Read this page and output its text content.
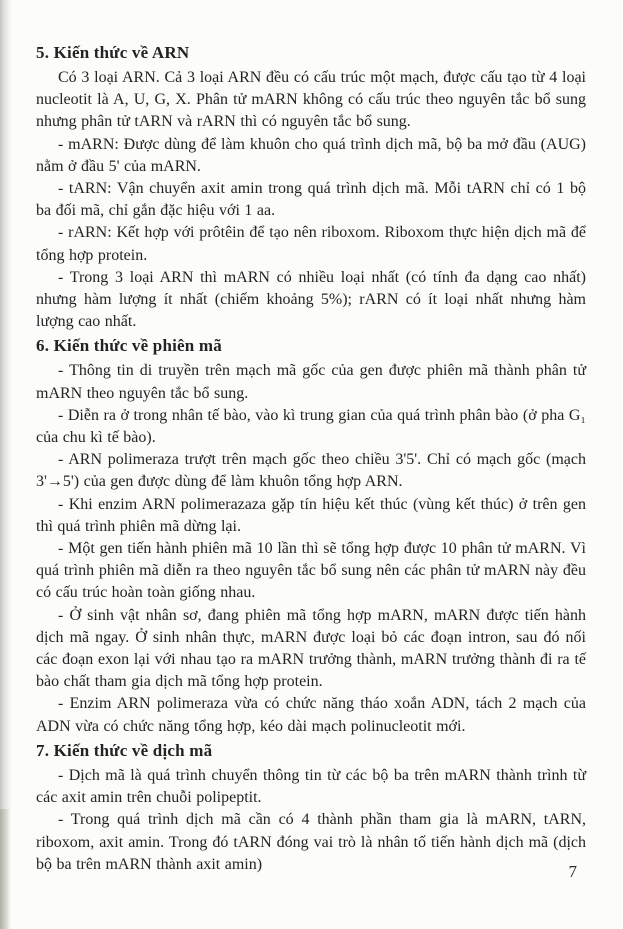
5. Kiến thức về ARN

Có 3 loại ARN. Cả 3 loại ARN đều có cấu trúc một mạch, được cấu tạo từ 4 loại nucleotit là A, U, G, X. Phân tử mARN không có cấu trúc theo nguyên tắc bổ sung nhưng phân tử tARN và rARN thì có nguyên tắc bổ sung.

- mARN: Được dùng để làm khuôn cho quá trình dịch mã, bộ ba mở đầu (AUG) nằm ở đầu 5' của mARN.

- tARN: Vận chuyển axit amin trong quá trình dịch mã. Mỗi tARN chỉ có 1 bộ ba đối mã, chỉ gắn đặc hiệu với 1 aa.

- rARN: Kết hợp với prôtêin để tạo nên riboxom. Riboxom thực hiện dịch mã để tổng hợp protein.

- Trong 3 loại ARN thì mARN có nhiều loại nhất (có tính đa dạng cao nhất) nhưng hàm lượng ít nhất (chiếm khoảng 5%); rARN có ít loại nhất nhưng hàm lượng cao nhất.

6. Kiến thức về phiên mã

- Thông tin di truyền trên mạch mã gốc của gen được phiên mã thành phân tử mARN theo nguyên tắc bổ sung.

- Diễn ra ở trong nhân tế bào, vào kì trung gian của quá trình phân bào (ở pha G₁ của chu kì tế bào).

- ARN polimeraza trượt trên mạch gốc theo chiều 3'5'. Chỉ có mạch gốc (mạch 3'→5') của gen được dùng để làm khuôn tổng hợp ARN.

- Khi enzim ARN polimerazaza gặp tín hiệu kết thúc (vùng kết thúc) ở trên gen thì quá trình phiên mã dừng lại.

- Một gen tiến hành phiên mã 10 lần thì sẽ tổng hợp được 10 phân tử mARN. Vì quá trình phiên mã diễn ra theo nguyên tắc bổ sung nên các phân tử mARN này đều có cấu trúc hoàn toàn giống nhau.

- Ở sinh vật nhân sơ, đang phiên mã tổng hợp mARN, mARN được tiến hành dịch mã ngay. Ở sinh nhân thực, mARN được loại bỏ các đoạn intron, sau đó nối các đoạn exon lại với nhau tạo ra mARN trưởng thành, mARN trưởng thành đi ra tế bào chất tham gia dịch mã tổng hợp protein.

- Enzim ARN polimeraza vừa có chức năng tháo xoắn ADN, tách 2 mạch của ADN vừa có chức năng tổng hợp, kéo dài mạch polinucleotit mới.

7. Kiến thức về dịch mã

- Dịch mã là quá trình chuyển thông tin từ các bộ ba trên mARN thành trình từ các axit amin trên chuỗi polipeptit.

- Trong quá trình dịch mã cần có 4 thành phần tham gia là mARN, tARN, riboxom, axit amin. Trong đó tARN đóng vai trò là nhân tố tiến hành dịch mã (dịch bộ ba trên mARN thành axit amin)	7
